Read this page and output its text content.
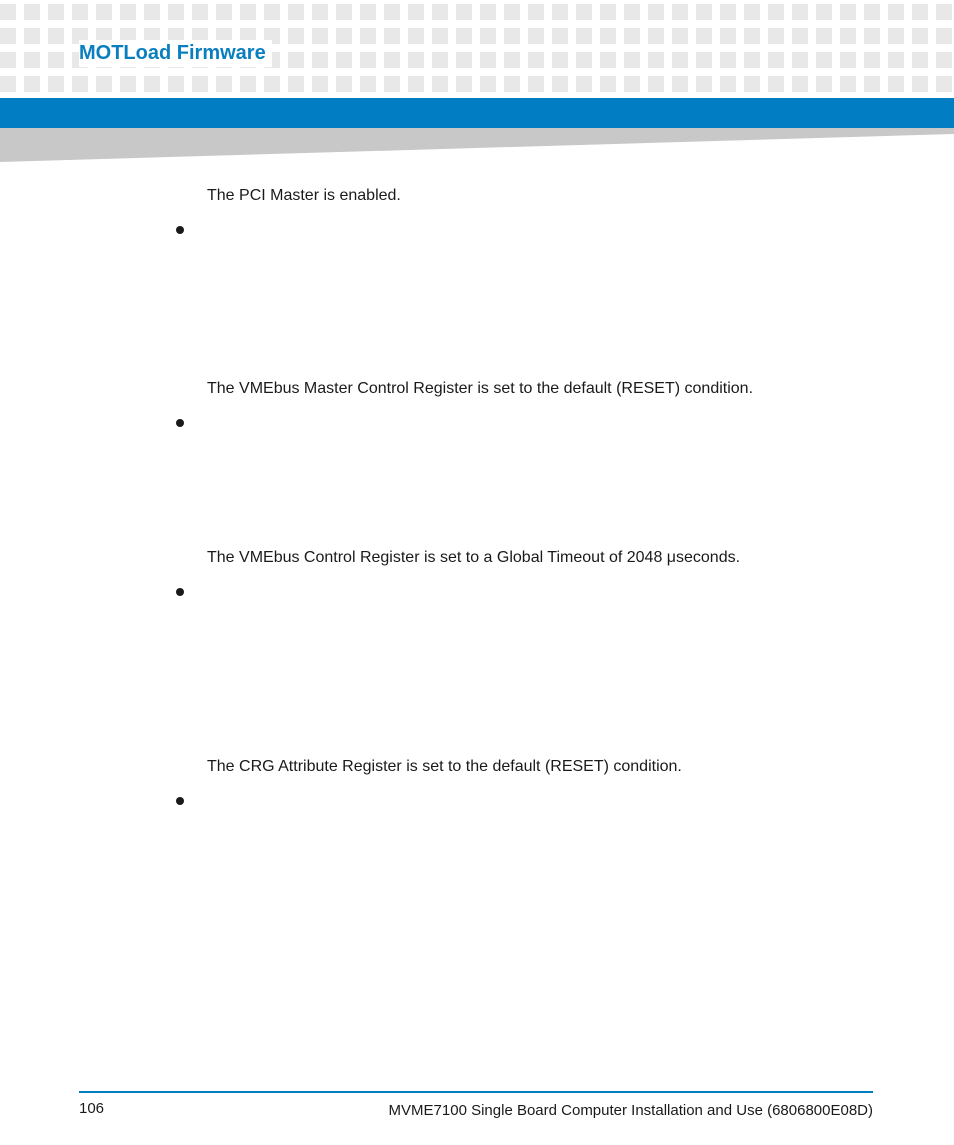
MOTLoad Firmware
The PCI Master is enabled.
The VMEbus Master Control Register is set to the default (RESET) condition.
The VMEbus Control Register is set to a Global Timeout of 2048 μseconds.
The CRG Attribute Register is set to the default (RESET) condition.
106	MVME7100 Single Board Computer Installation and Use (6806800E08D)
